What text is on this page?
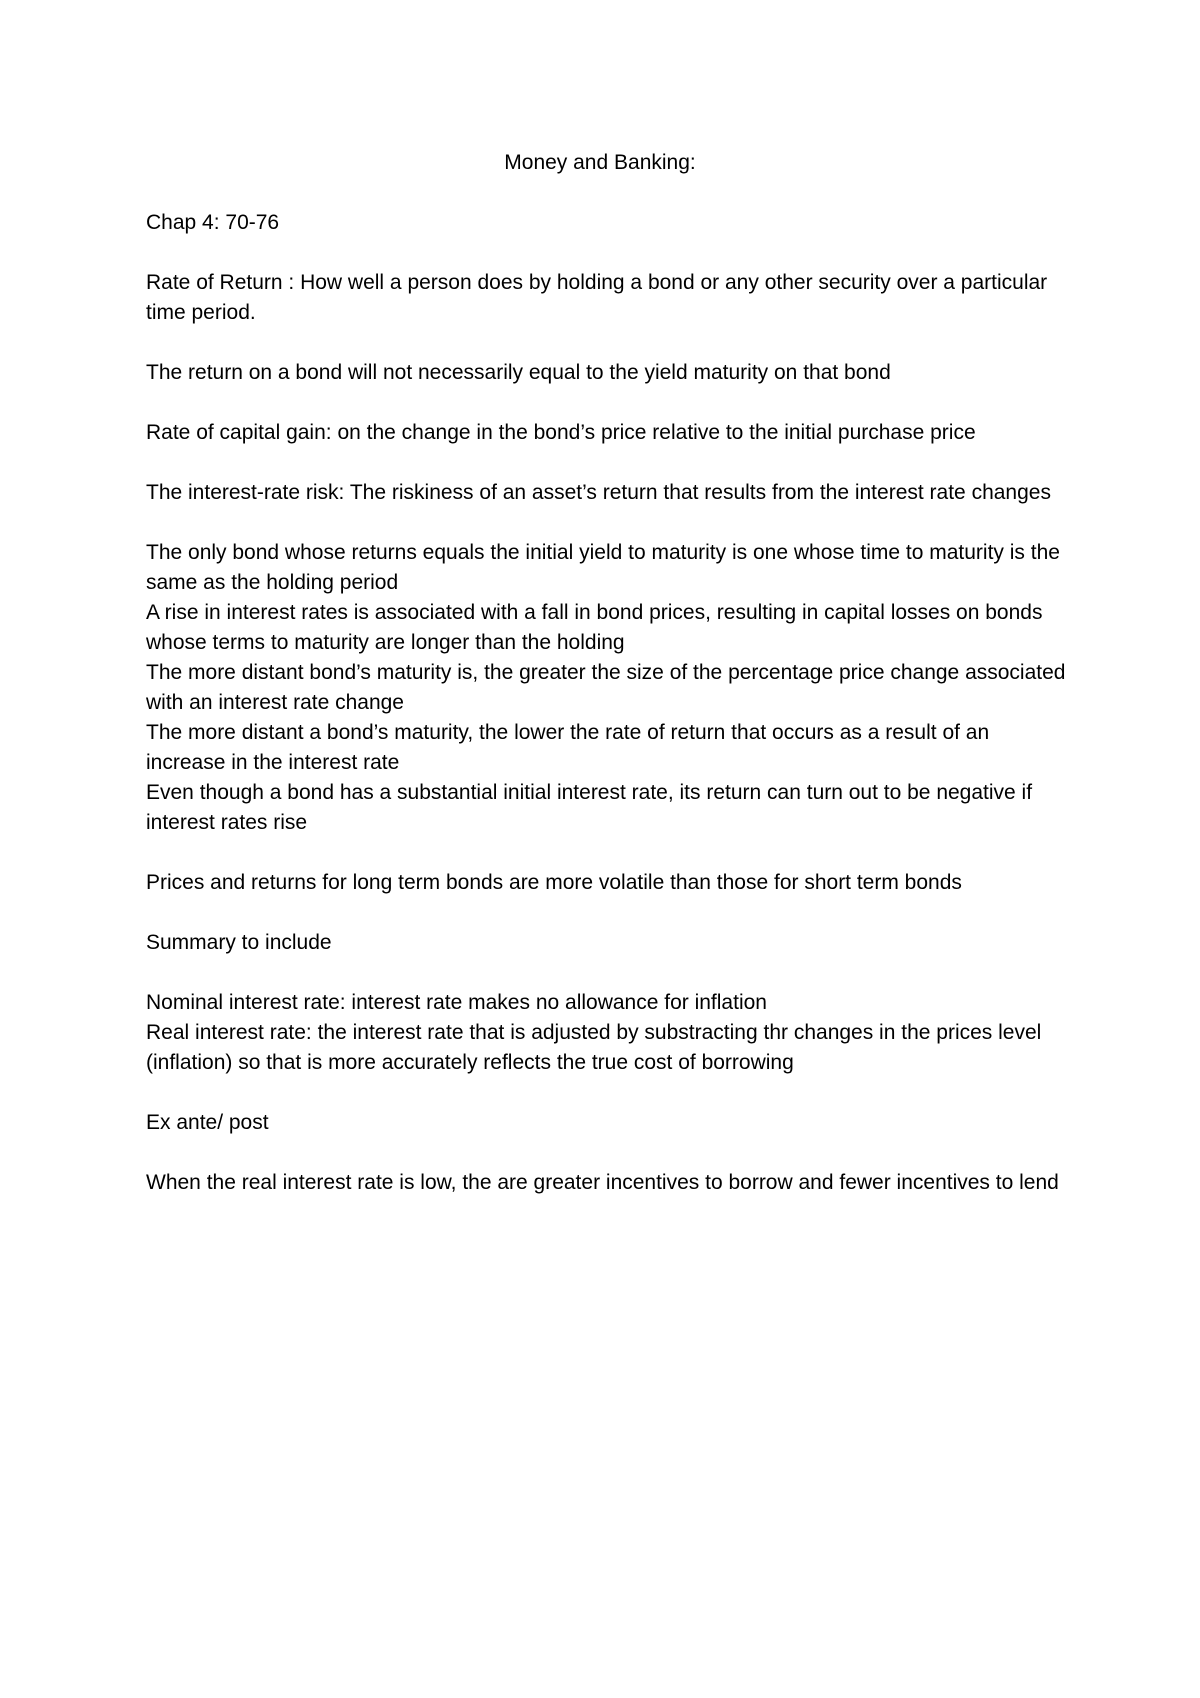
Money and Banking:

Chap 4: 70-76

Rate of Return : How well a person does by holding a bond or any other security over a particular time period.

The return on a bond will not necessarily equal to the yield maturity on that bond

Rate of capital gain: on the change in the bond’s price relative to the initial purchase price

The interest-rate risk: The riskiness of an asset’s return that results from the interest rate changes

The only bond whose returns equals the initial yield to maturity is one whose time to maturity is the same as the holding period

A rise in interest rates is associated with a fall in bond prices, resulting in capital losses on bonds whose terms to maturity are longer than the holding

The more distant bond’s maturity is, the greater the size of the percentage price change associated with an interest rate change

The more distant a bond’s maturity, the lower the rate of return that occurs as a result of an increase in the interest rate

Even though a bond has a substantial initial interest rate, its return can turn out to be negative if interest rates rise

Prices and returns for long term bonds are more volatile than those for short term bonds

Summary to include

Nominal interest rate: interest rate makes no allowance for inflation

Real interest rate: the interest rate that is adjusted by substracting thr changes in the prices level (inflation) so that is more accurately reflects the true cost of borrowing

Ex ante/ post

When the real interest rate is low, the are greater incentives to borrow and fewer incentives to lend
